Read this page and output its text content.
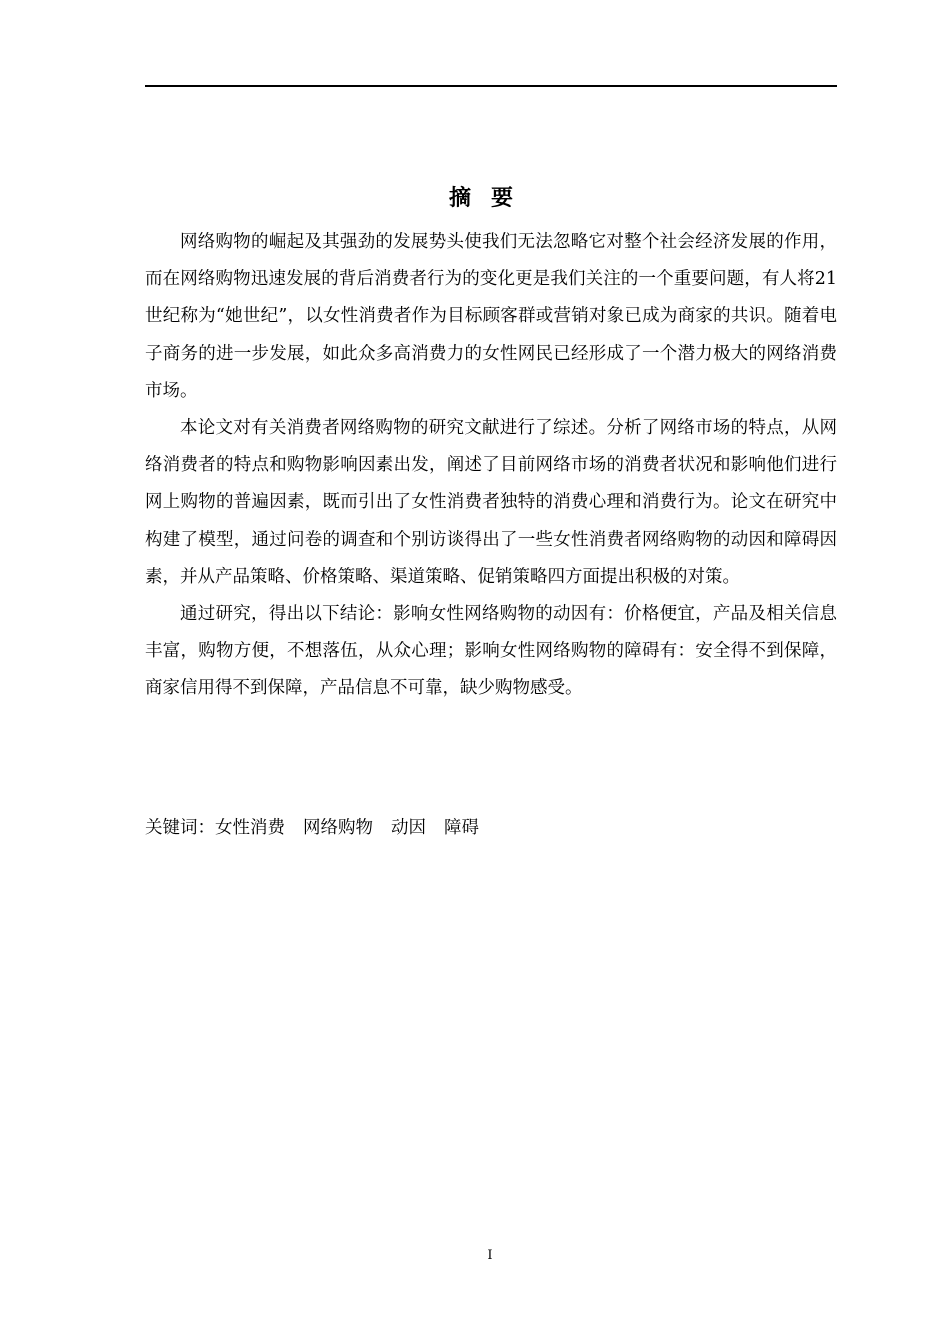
摘要

网络购物的崛起及其强劲的发展势头使我们无法忽略它对整个社会经济发展的作用，而在网络购物迅速发展的背后消费者行为的变化更是我们关注的一个重要问题，有人将21世纪称为“她世纪”，以女性消费者作为目标顾客群或营销对象已成为商家的共识。随着电子商务的进一步发展，如此众多高消费力的女性网民已经形成了一个潜力极大的网络消费市场。

本论文对有关消费者网络购物的研究文献进行了综述。分析了网络市场的特点，从网络消费者的特点和购物影响因素出发，阐述了目前网络市场的消费者状况和影响他们进行网上购物的普遍因素，既而引出了女性消费者独特的消费心理和消费行为。论文在研究中构建了模型，通过问卷的调查和个别访谈得出了一些女性消费者网络购物的动因和障碍因素，并从产品策略、价格策略、渠道策略、促销策略四方面提出积极的对策。

通过研究，得出以下结论：影响女性网络购物的动因有：价格便宜，产品及相关信息丰富，购物方便，不想落伍，从众心理；影响女性网络购物的障碍有：安全得不到保障，商家信用得不到保障，产品信息不可靠，缺少购物感受。

关键词：女性消费 网络购物 动因 障碍
I
